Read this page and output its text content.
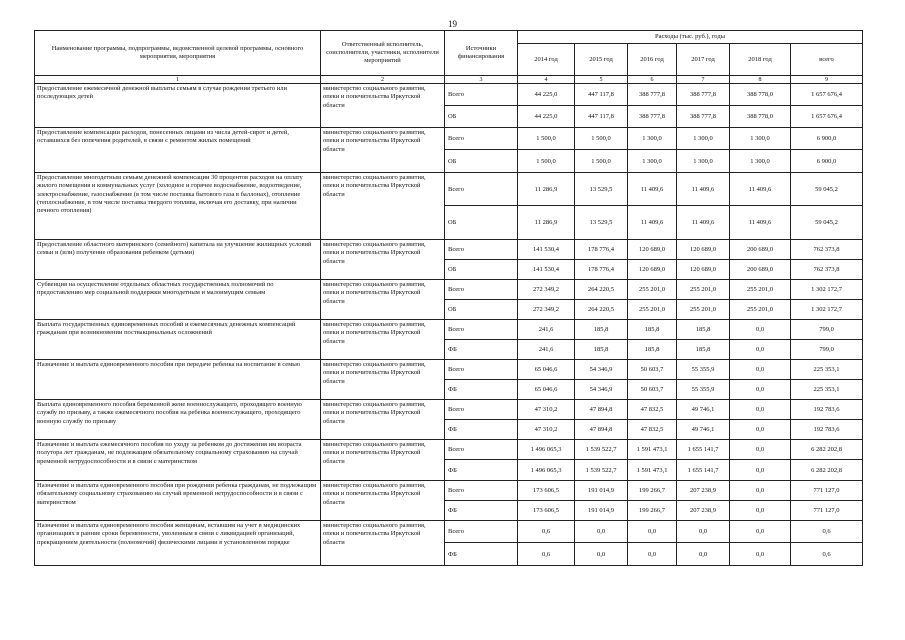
19
Наименование программы, подпрограммы, ведомственной целевой программы, основного мероприятия, мероприятия	Ответственный исполнитель, соисполнители, участники, исполнители мероприятий	Источники финансирования	Расходы (тыс. руб.), годы					
			2014 год	2015 год	2016 год	2017 год	2018 год	всего
1	2	3	4	5	6	7	8	9
Предоставление ежемесячной денежной выплаты семьям в случае рождения третьего или последующих детей	министерство социального развития, опеки и попечительства Иркутской области	Всего	44 225,0	447 117,8	388 777,8	388 777,8	388 778,0	1 657 676,4
		ОБ	44 225,0	447 117,8	388 777,8	388 777,8	388 778,0	1 657 676,4
Предоставление компенсации расходов, понесенных лицами из числа детей-сирот и детей, оставшихся без попечения родителей, в связи с ремонтом жилых помещений	министерство социального развития, опеки и попечительства Иркутской области	Всего	1 500,0	1 500,0	1 300,0	1 300,0	1 300,0	6 900,0
		ОБ	1 500,0	1 500,0	1 300,0	1 300,0	1 300,0	6 900,0
Предоставление многодетным семьям денежной компенсации 30 процентов расходов на оплату жилого помещения и коммунальных услуг (холодное и горячее водоснабжение, водоотведение, электроснабжение, газоснабжение (в том числе поставка бытового газа в баллонах), отопление (теплоснабжение, в том числе поставка твердого топлива, включая его доставку, при наличии печного отопления)	министерство социального развития, опеки и попечительства Иркутской области	Всего	11 286,9	13 529,5	11 409,6	11 409,6	11 409,6	59 045,2
		ОБ	11 286,9	13 529,5	11 409,6	11 409,6	11 409,6	59 045,2
Предоставление областного материнского (семейного) капитала на улучшение жилищных условий семьи и (или) получение образования ребенком (детьми)	министерство социального развития, опеки и попечительства Иркутской области	Всего	141 530,4	178 776,4	120 689,0	120 689,0	200 689,0	762 373,8
		ОБ	141 530,4	178 776,4	120 689,0	120 689,0	200 689,0	762 373,8
Субвенция на осуществление отдельных областных государственных полномочий по предоставлению мер социальной поддержки многодетным и малоимущим семьям	министерство социального развития, опеки и попечительства Иркутской области	Всего	272 349,2	264 220,5	255 201,0	255 201,0	255 201,0	1 302 172,7
		ОБ	272 349,2	264 220,5	255 201,0	255 201,0	255 201,0	1 302 172,7
Выплата государственных единовременных пособий и ежемесячных денежных компенсаций гражданам при возникновении поствакцинальных осложнений	министерство социального развития, опеки и попечительства Иркутской области	Всего	241,6	185,8	185,8	185,8	0,0	799,0
		ФБ	241,6	185,8	185,8	185,8	0,0	799,0
Назначение и выплата единовременного пособия при передаче ребенка на воспитание в семью	министерство социального развития, опеки и попечительства Иркутской области	Всего	65 046,6	54 346,9	50 603,7	55 355,9	0,0	225 353,1
		ФБ	65 046,6	54 346,9	50 603,7	55 355,9	0,0	225 353,1
Выплата единовременного пособия беременной жене военнослужащего, проходящего военную службу по призыву, а также ежемесячного пособия на ребенка военнослужащего, проходящего военную службу по призыву	министерство социального развития, опеки и попечительства Иркутской области	Всего	47 310,2	47 894,8	47 832,5	49 746,1	0,0	192 783,6
		ФБ	47 310,2	47 894,8	47 832,5	49 746,1	0,0	192 783,6
Назначение и выплата ежемесячного пособия по уходу за ребенком до достижения им возраста полутора лет гражданам, не подлежащим обязательному социальному страхованию на случай временной нетрудоспособности и в связи с материнством	министерство социального развития, опеки и попечительства Иркутской области	Всего	1 496 065,3	1 539 522,7	1 591 473,1	1 655 141,7	0,0	6 282 202,8
		ФБ	1 496 065,3	1 539 522,7	1 591 473,1	1 655 141,7	0,0	6 282 202,8
Назначение и выплата единовременного пособия при рождении ребенка гражданам, не подлежащим обязательному социальному страхованию на случай временной нетрудоспособности и в связи с материнством	министерство социального развития, опеки и попечительства Иркутской области	Всего	173 606,5	191 014,9	199 266,7	207 238,9	0,0	771 127,0
		ФБ	173 606,5	191 014,9	199 266,7	207 238,9	0,0	771 127,0
Назначение и выплата единовременного пособия женщинам, вставшим на учет в медицинских организациях в ранние сроки беременности, уволенным в связи с ликвидацией организаций, прекращением деятельности (полномочий) физическими лицами в установленном порядке	министерство социального развития, опеки и попечительства Иркутской области	Всего	0,6	0,0	0,0	0,0	0,0	0,6
		ФБ	0,6	0,0	0,0	0,0	0,0	0,6
